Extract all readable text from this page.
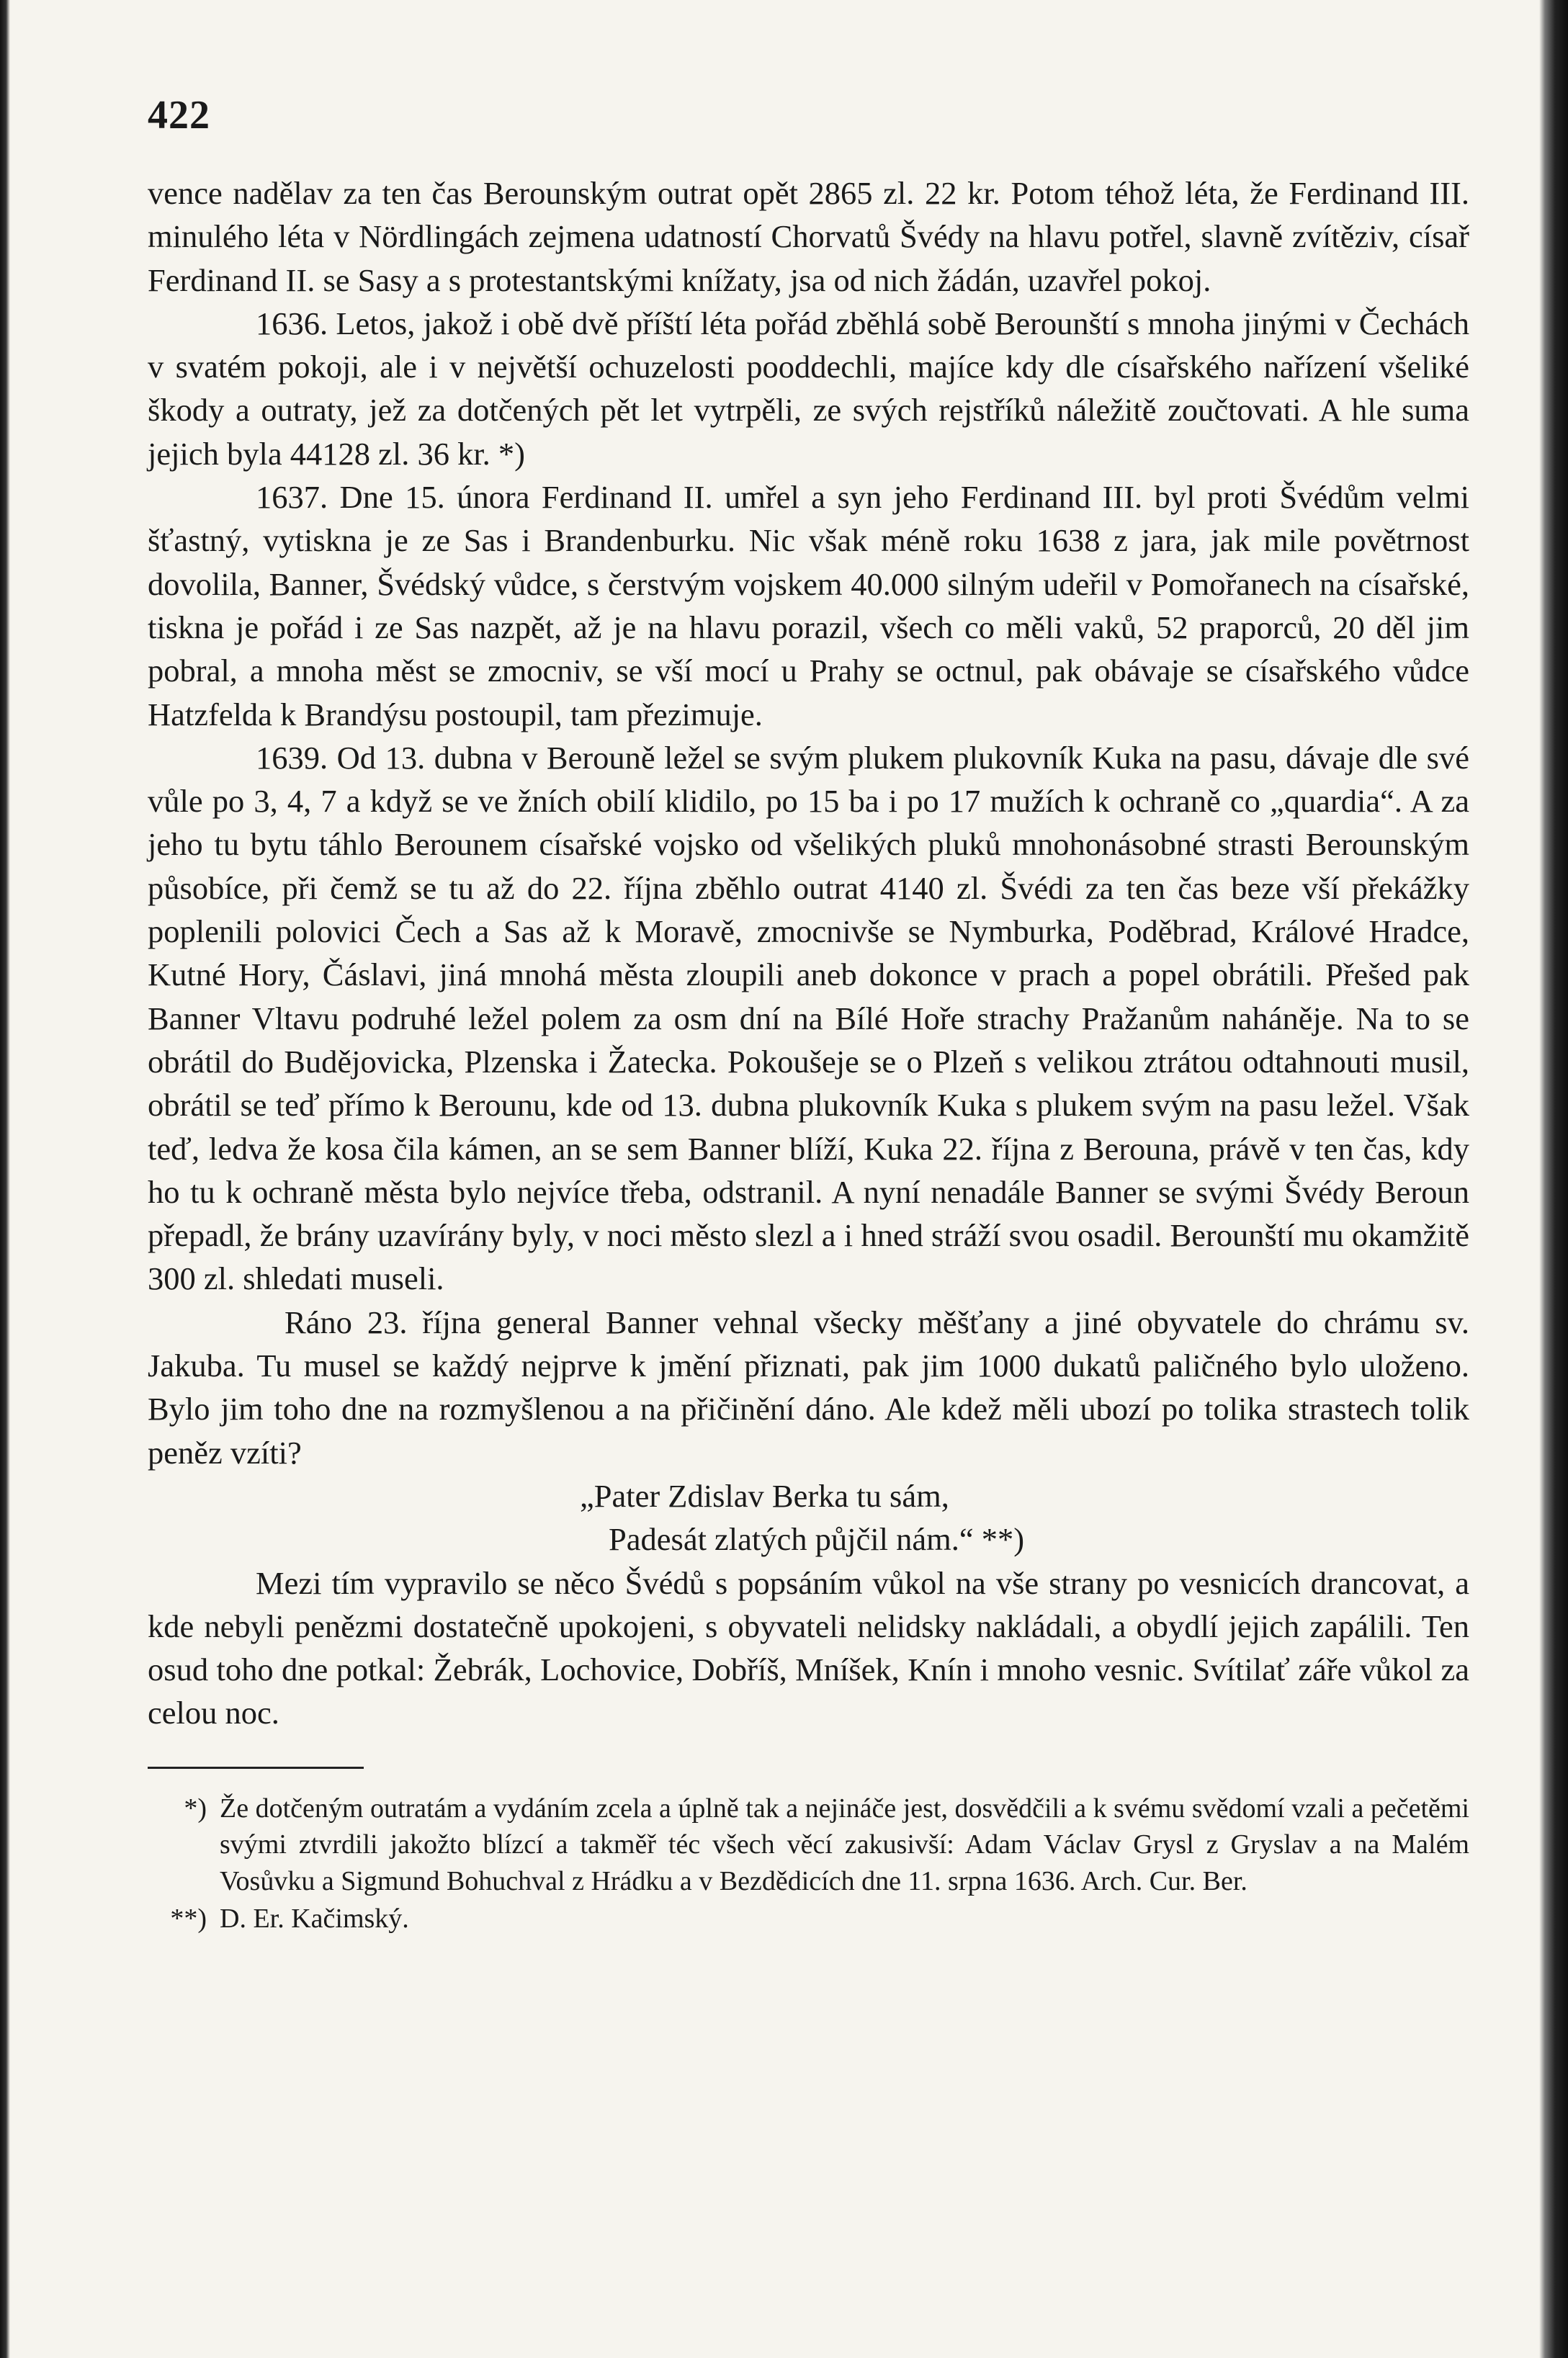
422

vence nadělav za ten čas Berounským outrat opět 2865 zl. 22 kr. Potom téhož léta, že Ferdinand III. minulého léta v Nördlingách zejmena udatností Chorvatů Švédy na hlavu potřel, slavně zvítěziv, císař Ferdinand II. se Sasy a s protestantskými knížaty, jsa od nich žádán, uzavřel pokoj.

1636. Letos, jakož i obě dvě příští léta pořád zběhlá sobě Berounští s mnoha jinými v Čechách v svatém pokoji, ale i v největší ochuzelosti pooddechli, majíce kdy dle císařského nařízení všeliké škody a outraty, jež za dotčených pět let vytrpěli, ze svých rejstříků náležitě zoučtovati. A hle suma jejich byla 44128 zl. 36 kr. *)

1637. Dne 15. února Ferdinand II. umřel a syn jeho Ferdinand III. byl proti Švédům velmi šťastný, vytiskna je ze Sas i Brandenburku. Nic však méně roku 1638 z jara, jak mile povětrnost dovolila, Banner, Švédský vůdce, s čerstvým vojskem 40.000 silným udeřil v Pomořanech na císařské, tiskna je pořád i ze Sas nazpět, až je na hlavu porazil, všech co měli vaků, 52 praporců, 20 děl jim pobral, a mnoha měst se zmocniv, se vší mocí u Prahy se octnul, pak obávaje se císařského vůdce Hatzfelda k Brandýsu postoupil, tam přezimuje.

1639. Od 13. dubna v Berouně ležel se svým plukem plukovník Kuka na pasu, dávaje dle své vůle po 3, 4, 7 a když se ve žních obilí klidilo, po 15 ba i po 17 mužích k ochraně co „quardia“. A za jeho tu bytu táhlo Berounem císařské vojsko od všelikých pluků mnohonásobné strasti Berounským působíce, při čemž se tu až do 22. října zběhlo outrat 4140 zl. Švédi za ten čas beze vší překážky poplenili polovici Čech a Sas až k Moravě, zmocnivše se Nymburka, Poděbrad, Králové Hradce, Kutné Hory, Čáslavi, jiná mnohá města zloupili aneb dokonce v prach a popel obrátili. Přešed pak Banner Vltavu podruhé ležel polem za osm dní na Bílé Hoře strachy Pražanům naháněje. Na to se obrátil do Budějovicka, Plzenska i Žatecka. Pokoušeje se o Plzeň s velikou ztrátou odtahnouti musil, obrátil se teď přímo k Berounu, kde od 13. dubna plukovník Kuka s plukem svým na pasu ležel. Však teď, ledva že kosa čila kámen, an se sem Banner blíží, Kuka 22. října z Berouna, právě v ten čas, kdy ho tu k ochraně města bylo nejvíce třeba, odstranil. A nyní nenadále Banner se svými Švédy Beroun přepadl, že brány uzavírány byly, v noci město slezl a i hned stráží svou osadil. Berounští mu okamžitě 300 zl. shledati museli.

Ráno 23. října general Banner vehnal všecky měšťany a jiné obyvatele do chrámu sv. Jakuba. Tu musel se každý nejprve k jmění přiznati, pak jim 1000 dukatů paličného bylo uloženo. Bylo jim toho dne na rozmyšlenou a na přičinění dáno. Ale kdež měli ubozí po tolika strastech tolik peněz vzíti?

„Pater Zdislav Berka tu sám,

Padesát zlatých půjčil nám.“ **)

Mezi tím vypravilo se něco Švédů s popsáním vůkol na vše strany po vesnicích drancovat, a kde nebyli penězmi dostatečně upokojeni, s obyvateli nelidsky nakládali, a obydlí jejich zapálili. Ten osud toho dne potkal: Žebrák, Lochovice, Dobříš, Mníšek, Knín i mnoho vesnic. Svítilať záře vůkol za celou noc.

*) Že dotčeným outratám a vydáním zcela a úplně tak a nejináče jest, dosvědčili a k svému svědomí vzali a pečetěmi svými ztvrdili jakožto blízcí a takměř téc všech věcí zakusivší: Adam Václav Grysl z Gryslav a na Malém Vosůvku a Sigmund Bohuchval z Hrádku a v Bezdědicích dne 11. srpna 1636. Arch. Cur. Ber.
**) D. Er. Kačimský.
